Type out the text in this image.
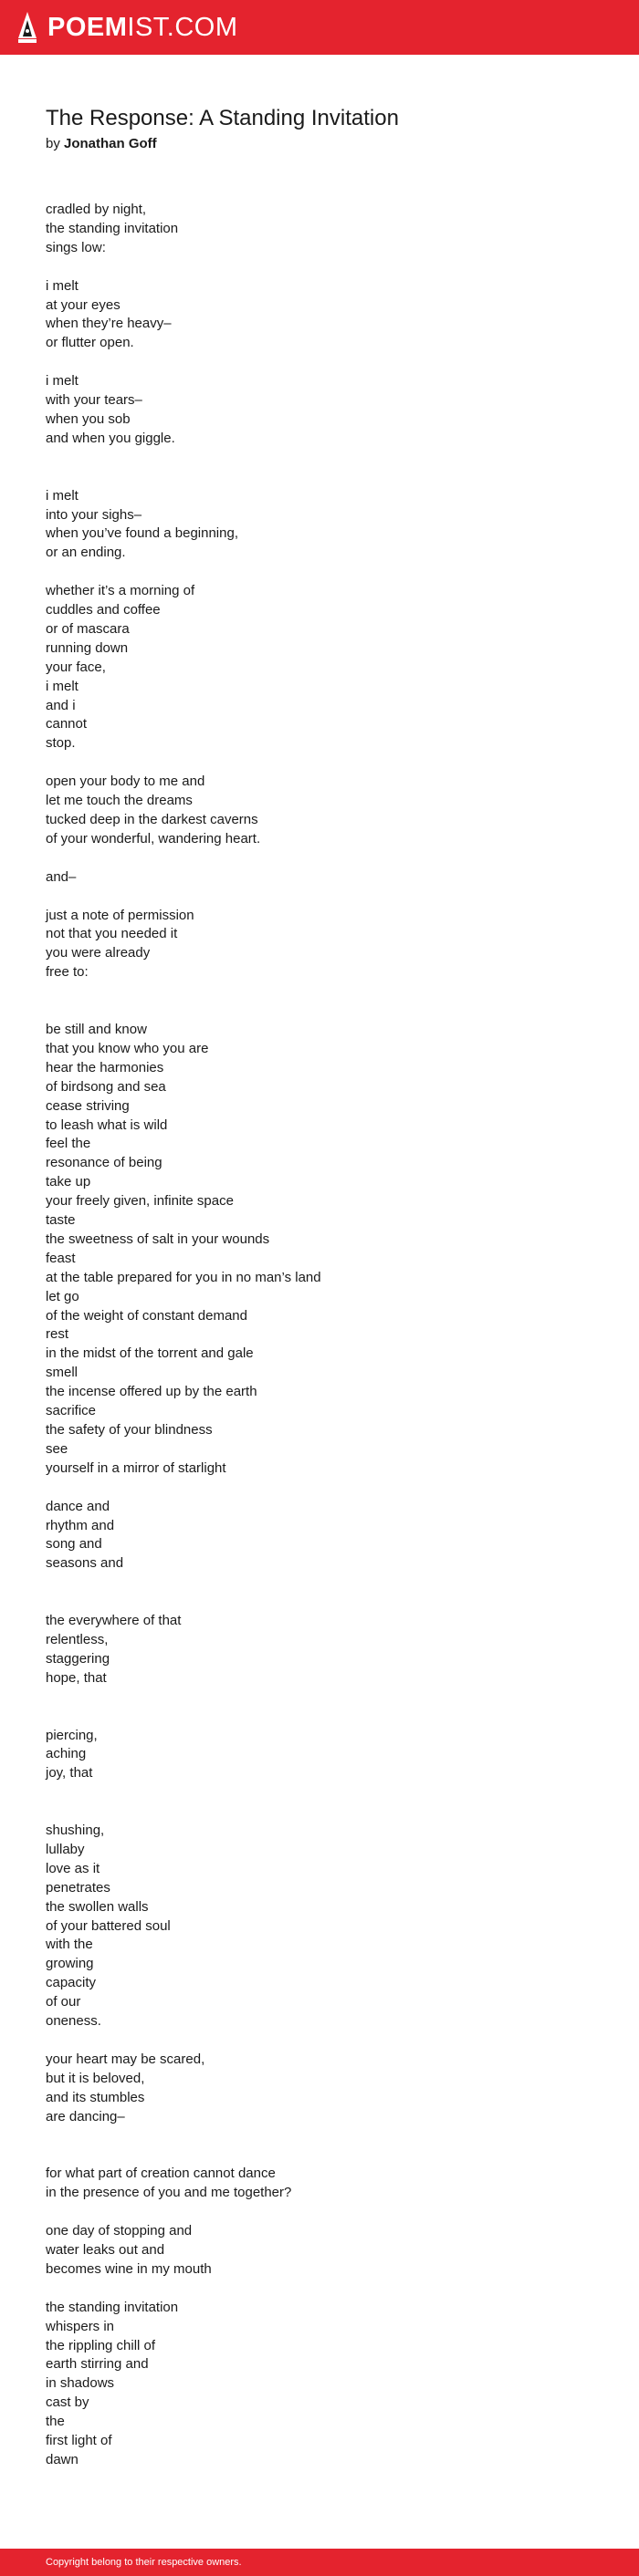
POEMIST.COM
The Response: A Standing Invitation
by Jonathan Goff
cradled by night,
the standing invitation
sings low:

i melt
at your eyes
when they’re heavy–
or flutter open.

i melt
with your tears–
when you sob
and when you giggle.

i melt
into your sighs–
when you’ve found a beginning,
or an ending.

whether it’s a morning of
cuddles and coffee
or of mascara
running down
your face,
i melt
and i
cannot
stop.

open your body to me and
let me touch the dreams
tucked deep in the darkest caverns
of your wonderful, wandering heart.

and–

just a note of permission
not that you needed it
you were already
free to:

be still and know
that you know who you are
hear the harmonies
of birdsong and sea
cease striving
to leash what is wild
feel the
resonance of being
take up
your freely given, infinite space
taste
the sweetness of salt in your wounds
feast
at the table prepared for you in no man’s land
let go
of the weight of constant demand
rest
in the midst of the torrent and gale
smell
the incense offered up by the earth
sacrifice
the safety of your blindness
see
yourself in a mirror of starlight

dance and
rhythm and
song and
seasons and

the everywhere of that
relentless,
staggering
hope, that

piercing,
aching
joy, that

shushing,
lullaby
love as it
penetrates
the swollen walls
of your battered soul
with the
growing
capacity
of our
oneness.

your heart may be scared,
but it is beloved,
and its stumbles
are dancing–

for what part of creation cannot dance
in the presence of you and me together?

one day of stopping and
water leaks out and
becomes wine in my mouth

the standing invitation
whispers in
the rippling chill of
earth stirring and
in shadows
cast by
the
first light of
dawn
Copyright belong to their respective owners.
